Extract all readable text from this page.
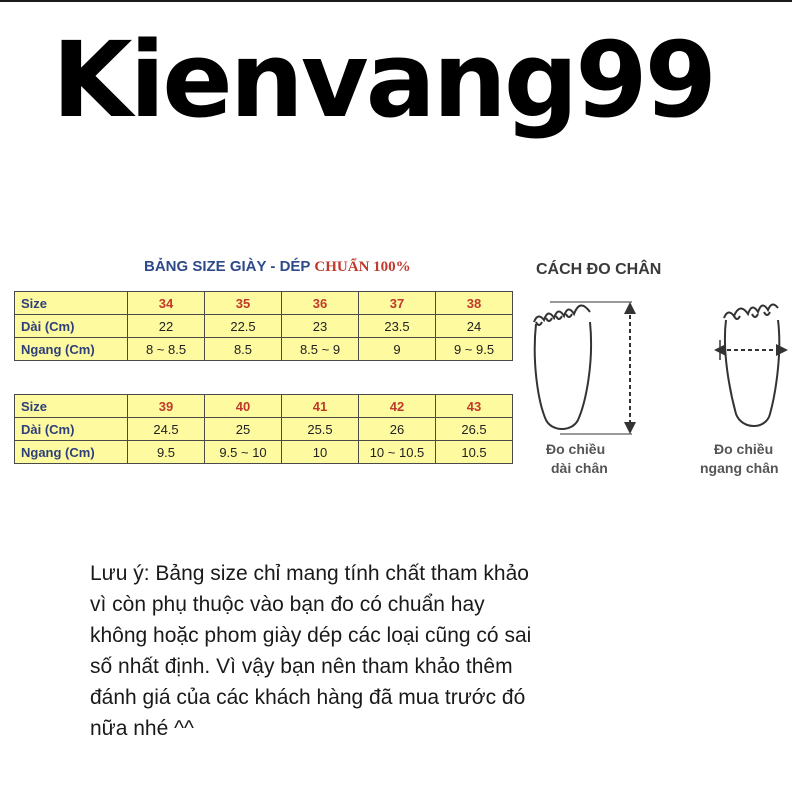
Kienvang99
BẢNG SIZE GIÀY - DÉP CHUẨN 100%
Size	34	35	36	37	38
Dài (Cm)	22	22.5	23	23.5	24
Ngang (Cm)	8 ~ 8.5	8.5	8.5 ~ 9	9	9 ~ 9.5
Size	39	40	41	42	43
Dài (Cm)	24.5	25	25.5	26	26.5
Ngang (Cm)	9.5	9.5 ~ 10	10	10 ~ 10.5	10.5
CÁCH ĐO CHÂN
Đo chiều
dài chân
Đo chiều
ngang chân
Lưu ý: Bảng size chỉ mang tính chất tham khảo
vì còn phụ thuộc vào bạn đo có chuẩn hay
không hoặc phom giày dép các loại cũng có sai
số nhất định. Vì vậy bạn nên tham khảo thêm
đánh giá của các khách hàng đã mua trước đó
nữa nhé ^^
